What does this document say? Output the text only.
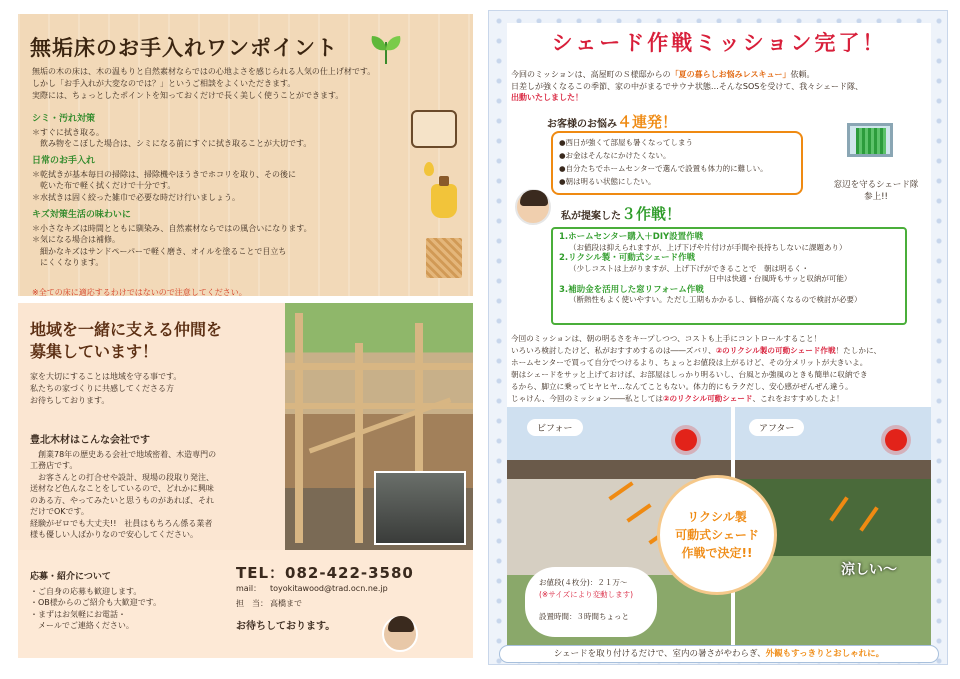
無垢床のお手入れワンポイント
無垢の木の床は、木の温もりと自然素材ならではの心地よさを感じられる人気の仕上げ材です。
しかし「お手入れが大変なのでは？」というご相談をよくいただきます。
実際には、ちょっとしたポイントを知っておくだけで長く美しく使うことができます。
シミ・汚れ対策
＊すぐに拭き取る。
　飲み物をこぼした場合は、シミになる前にすぐに拭き取ることが大切です。
日常のお手入れ
＊乾拭きが基本毎日の掃除は、掃除機やほうきでホコリを取り、その後に
　乾いた布で軽く拭くだけで十分です。
＊水拭きは固く絞った雑巾で必要な時だけ行いましょう。
キズ対策生活の味わいに
＊小さなキズは時間とともに馴染み、自然素材ならではの風合いになります。
＊気になる場合は補修。
　細かなキズはサンドペーパーで軽く磨き、オイルを塗ることで目立ち
　にくくなります。
※全ての床に適応するわけではないので注意してください。
地域を一緒に支える仲間を
募集しています！
家を大切にすることは地域を守る事です。
私たちの家づくりに共感してくださる方
お待ちしております。
豊北木材はこんな会社です
　創業78年の歴史ある会社で地域密着、木造専門の
工務店です。
　お客さんとの打合せや設計、現場の段取り発注、
送材など色んなことをしているので、どれかに興味
のある方、やってみたいと思うものがあれば、それ
だけでOKです。
経験がゼロでも大丈夫!!　社員はもちろん係る業者
様も優しい人ばかりなので安心してください。
応募・紹介について
・ご自身の応募も歓迎します。
・OB様からのご紹介も大歓迎です。
・まずはお気軽にお電話・
　メールでご連絡ください。
TEL：082-422-3580
mail： toyokitawood@trad.ocn.ne.jp
担　当： 高橋まで
お待ちしております。
シェード作戦ミッション完了！
今回のミッションは、高屋町のＳ様邸からの「夏の暮らしお悩みレスキュー」依頼。
日差しが強くなるこの季節、家の中がまるでサウナ状態…そんなSOSを受けて、我々シェード隊、
出動いたしました！
お客様のお悩み４連発！
●西日が強くて部屋も暑くなってしまう
●お金はそんなにかけたくない。
●自分たちでホームセンターで選んで設置も体力的に難しい。
●朝は明るい状態にしたい。	窓辺を守るシェード隊
参上!!
私が提案した３作戦！
1.ホームセンター購入＋DIY設置作戦
（お値段は抑えられますが、上げ下げや片付けが手間や長持ちしないに課題あり）
2.リクシル製・可動式シェード作戦
（少しコストは上がりますが、上げ下げができることで　朝は明るく・
日中は快適・台風時もサッと収納が可能）
3.補助金を活用した窓リフォーム作戦
（断熱性もよく使いやすい。ただし工期もかかるし、価格が高くなるので検討が必要）
今回のミッションは、朝の明るさをキープしつつ、コストも上手にコントロールすること！
いろいろ検討したけど、私がおすすめするのは――ズバリ、②のリクシル製の可動シェード作戦！たしかに、
ホームセンターで買って自分でつけるより、ちょっとお値段は上がるけど、その分メリットが大きいよ。
朝はシェードをサッと上げておけば、お部屋はしっかり明るいし、台風とか強風のときも簡単に収納でき
るから、脚立に乗ってヒヤヒヤ…なんてこともない。体力的にもラクだし、安心感がぜんぜん違う。
じゃけん、今回のミッション――私としては②のリクシル可動シェード、これをおすすめしたよ！
ビフォー
お値段(４枚分)：２１万～
(※サイズにより変動します)
設置時間：３時間ちょっと
アフター
涼しい～
リクシル製
可動式シェード
作戦で決定!!
シェードを取り付けるだけで、室内の暑さがやわらぎ、外観もすっきりとおしゃれに。
